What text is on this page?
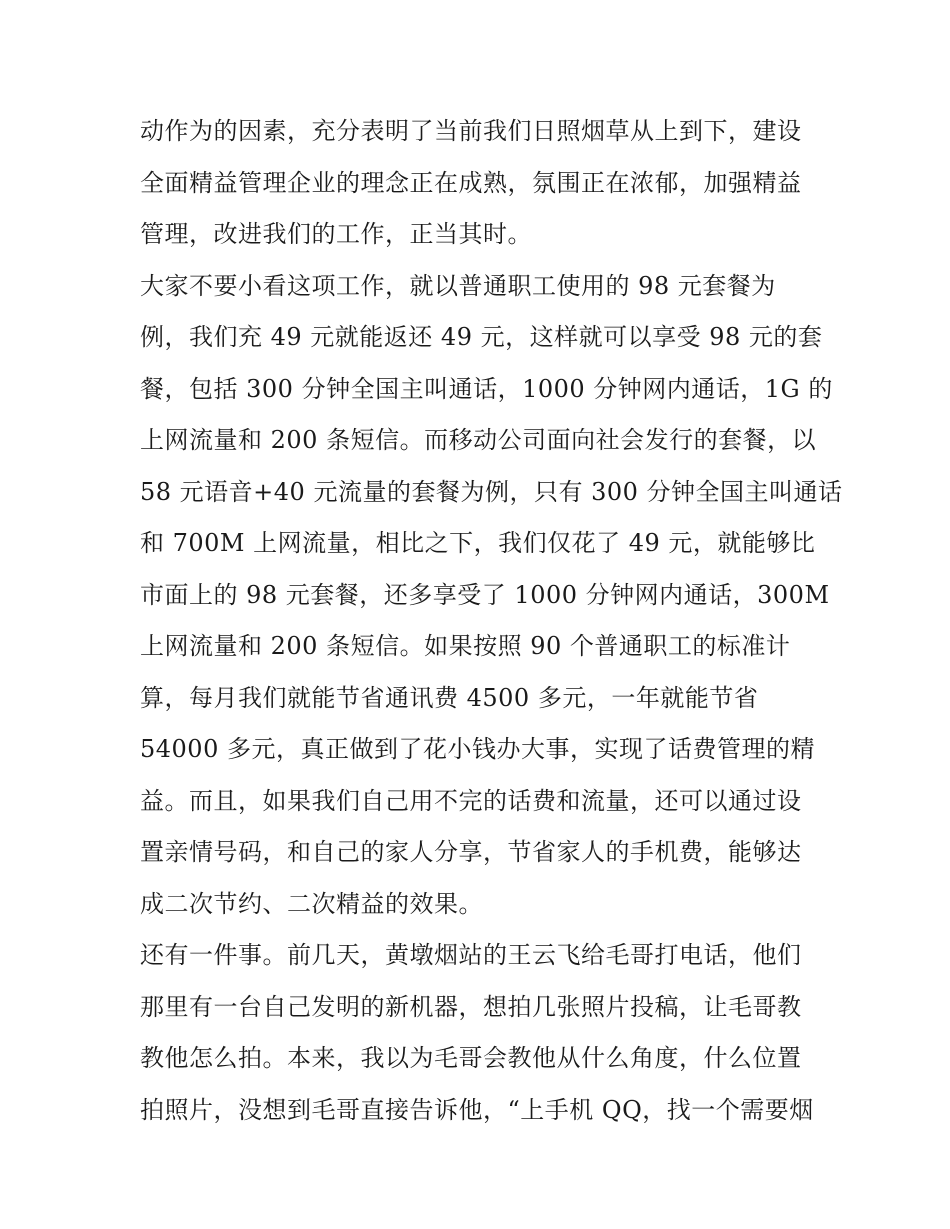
动作为的因素，充分表明了当前我们日照烟草从上到下，建设
全面精益管理企业的理念正在成熟，氛围正在浓郁，加强精益
管理，改进我们的工作，正当其时。
大家不要小看这项工作，就以普通职工使用的 98 元套餐为
例，我们充 49 元就能返还 49 元，这样就可以享受 98 元的套
餐，包括 300 分钟全国主叫通话，1000 分钟网内通话，1G 的
上网流量和 200 条短信。而移动公司面向社会发行的套餐，以
58 元语音+40 元流量的套餐为例，只有 300 分钟全国主叫通话
和 700M 上网流量，相比之下，我们仅花了 49 元，就能够比
市面上的 98 元套餐，还多享受了 1000 分钟网内通话，300M
上网流量和 200 条短信。如果按照 90 个普通职工的标准计
算，每月我们就能节省通讯费 4500 多元，一年就能节省
54000 多元，真正做到了花小钱办大事，实现了话费管理的精
益。而且，如果我们自己用不完的话费和流量，还可以通过设
置亲情号码，和自己的家人分享，节省家人的手机费，能够达
成二次节约、二次精益的效果。
还有一件事。前几天，黄墩烟站的王云飞给毛哥打电话，他们
那里有一台自己发明的新机器，想拍几张照片投稿，让毛哥教
教他怎么拍。本来，我以为毛哥会教他从什么角度，什么位置
拍照片，没想到毛哥直接告诉他，“上手机 QQ，找一个需要烟
